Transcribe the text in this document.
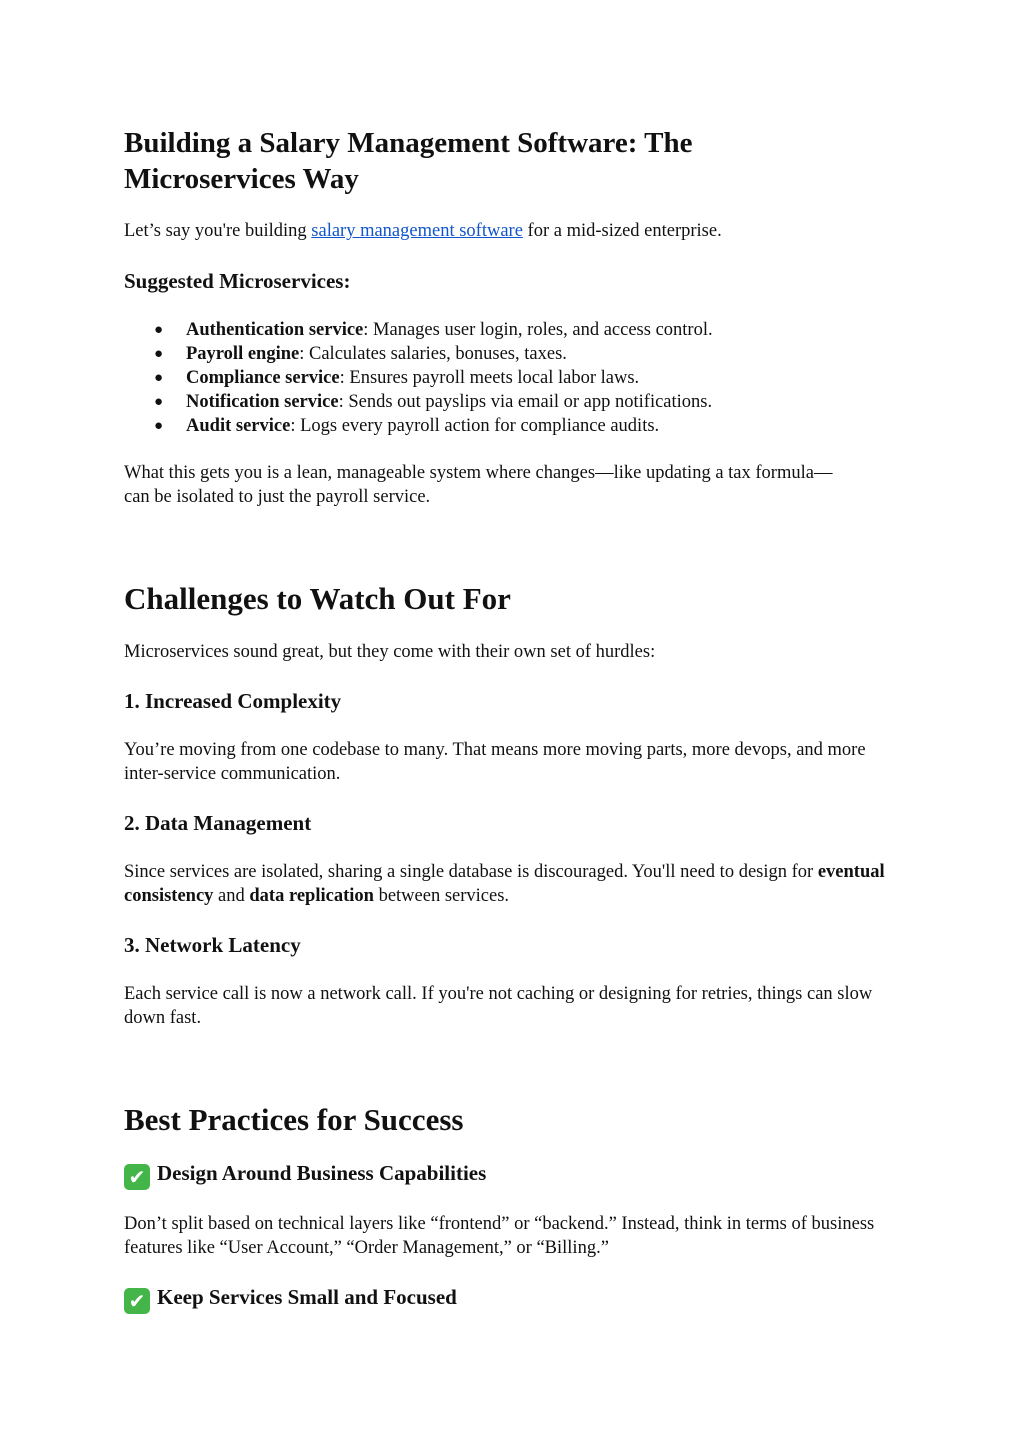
Building a Salary Management Software: The Microservices Way

Let’s say you're building salary management software for a mid-sized enterprise.

Suggested Microservices:
● Authentication service: Manages user login, roles, and access control.
● Payroll engine: Calculates salaries, bonuses, taxes.
● Compliance service: Ensures payroll meets local labor laws.
● Notification service: Sends out payslips via email or app notifications.
● Audit service: Logs every payroll action for compliance audits.

What this gets you is a lean, manageable system where changes—like updating a tax formula—can be isolated to just the payroll service.

Challenges to Watch Out For

Microservices sound great, but they come with their own set of hurdles:

1. Increased Complexity

You’re moving from one codebase to many. That means more moving parts, more devops, and more inter-service communication.

2. Data Management

Since services are isolated, sharing a single database is discouraged. You'll need to design for eventual consistency and data replication between services.

3. Network Latency

Each service call is now a network call. If you're not caching or designing for retries, things can slow down fast.

Best Practices for Success
✔ Design Around Business Capabilities

Don’t split based on technical layers like “frontend” or “backend.” Instead, think in terms of business features like “User Account,” “Order Management,” or “Billing.”

✔ Keep Services Small and Focused
